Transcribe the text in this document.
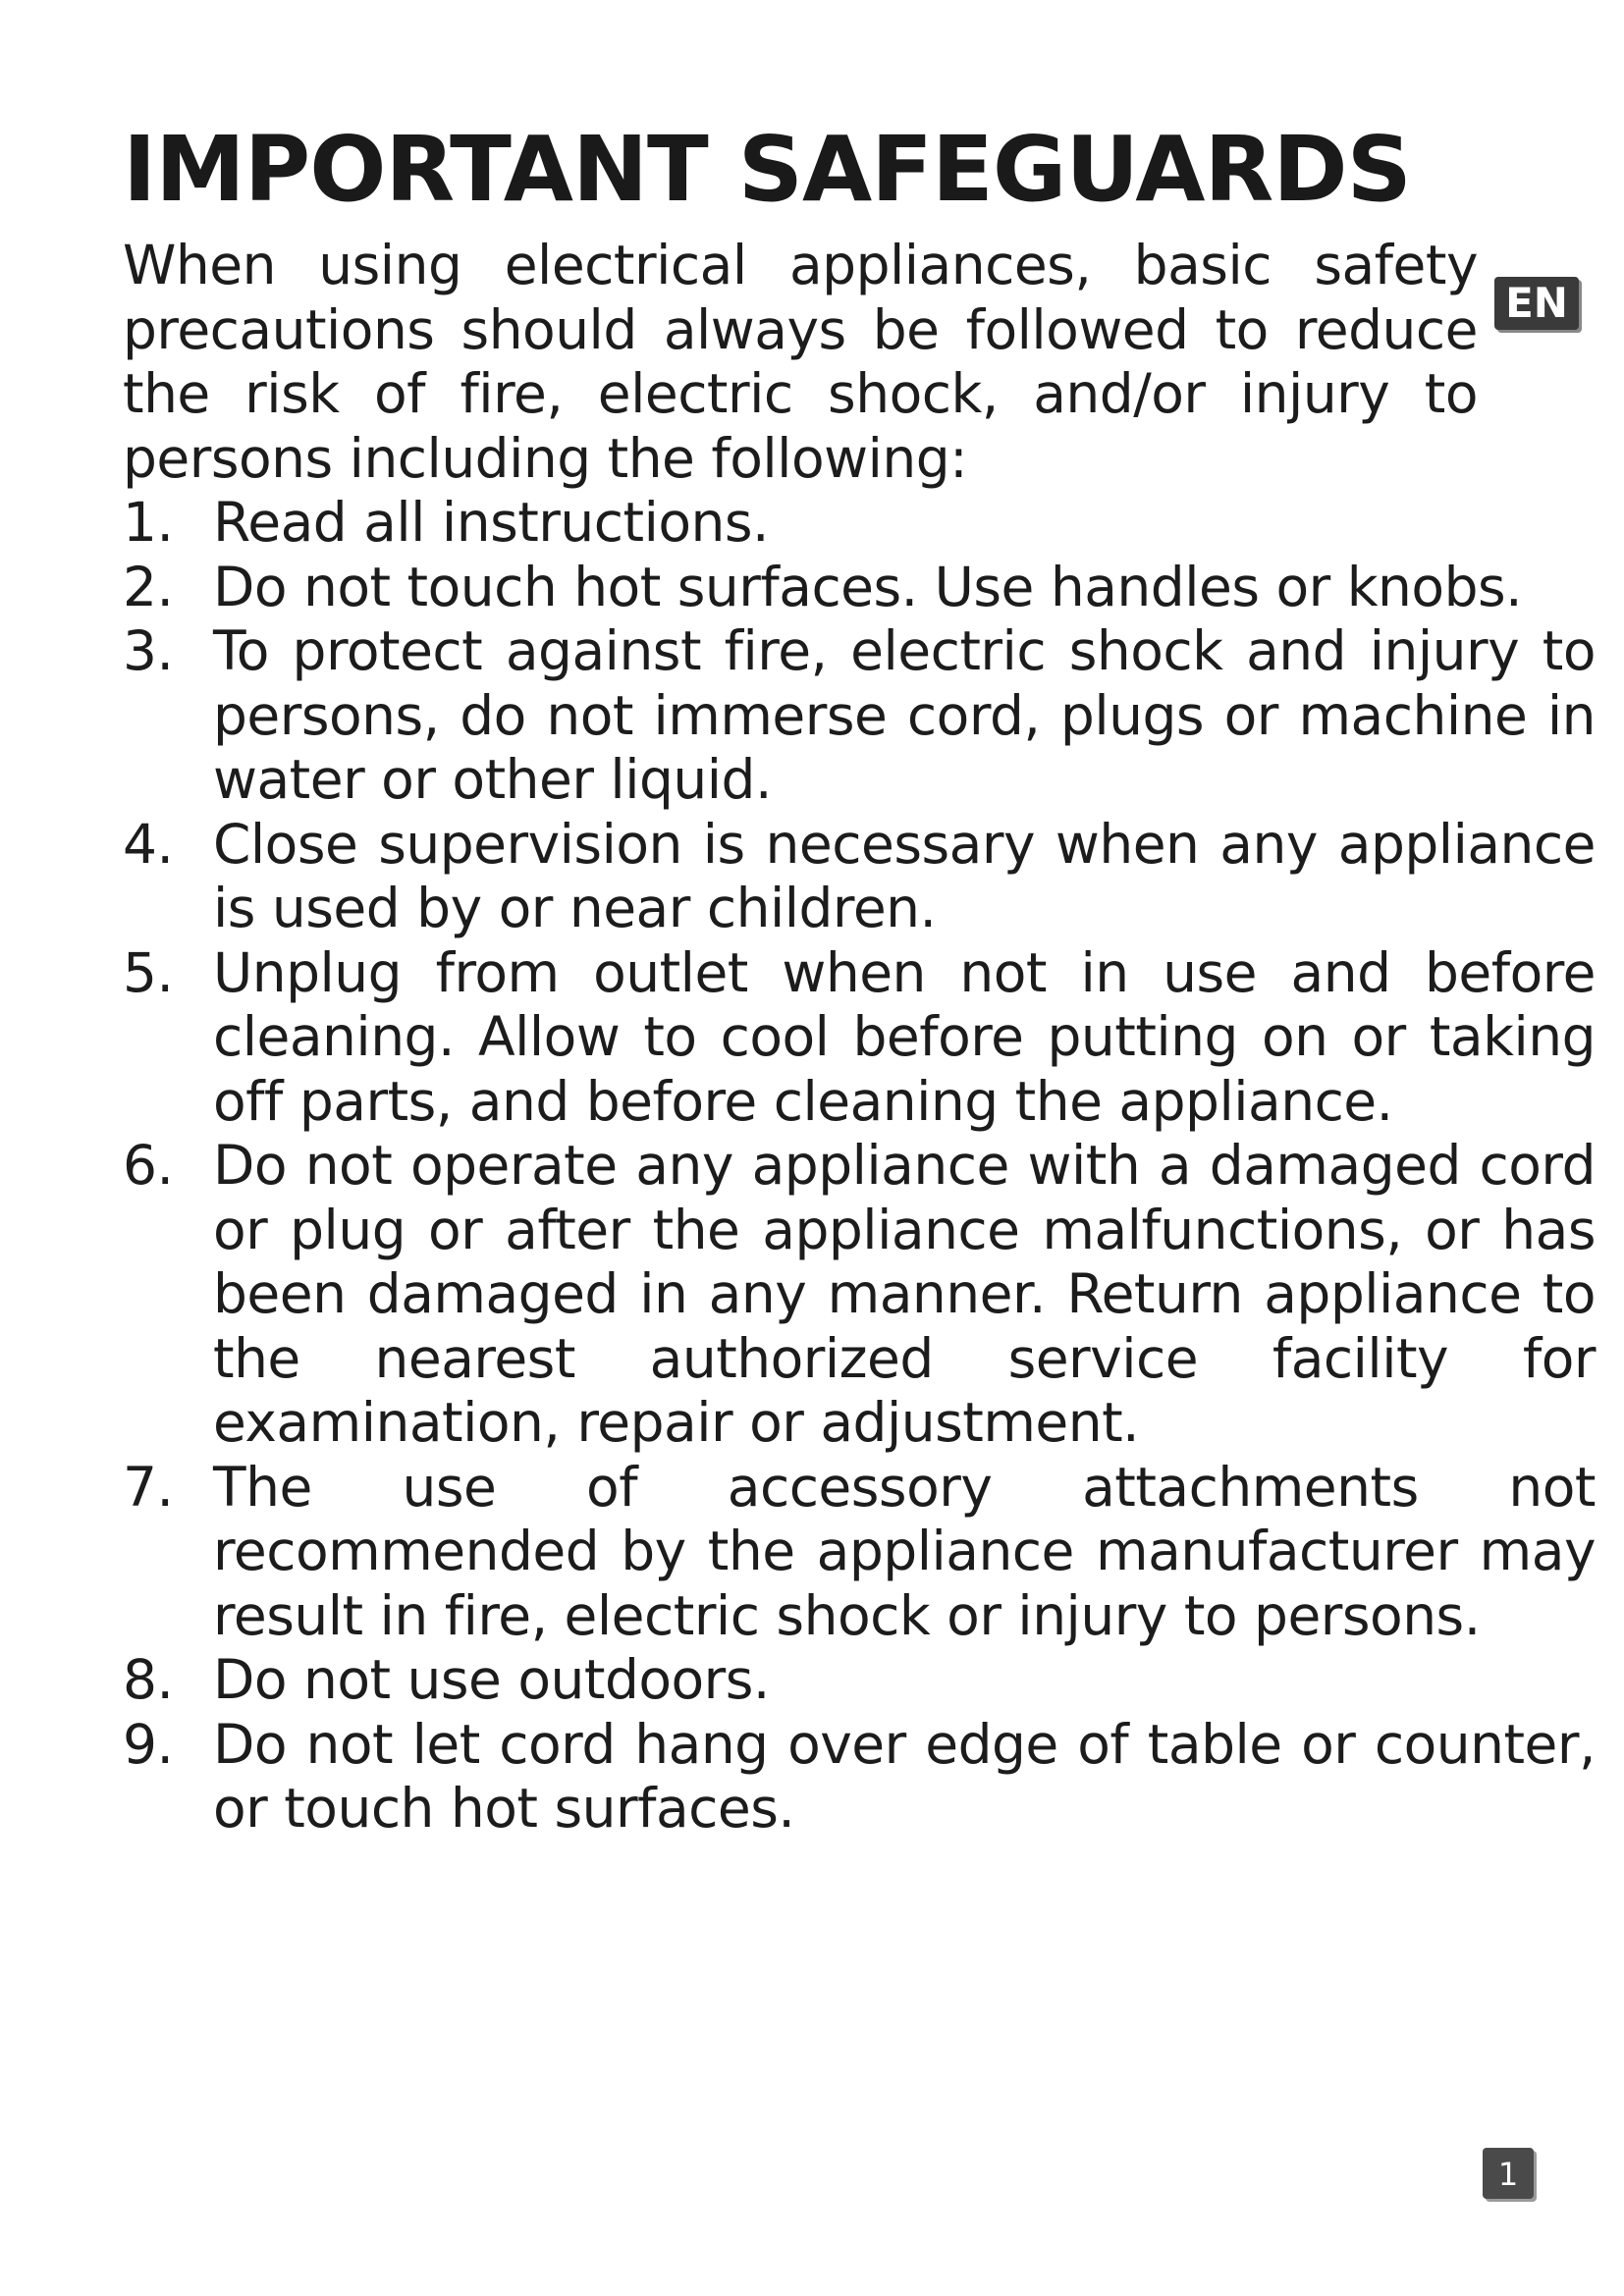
IMPORTANT SAFEGUARDS
EN

When using electrical appliances, basic safety precautions should always be followed to reduce the risk of fire, electric shock, and/or injury to persons including the following:

1. Read all instructions.
2. Do not touch hot surfaces. Use handles or knobs.
3. To protect against fire, electric shock and injury to persons, do not immerse cord, plugs or machine in water or other liquid.
4. Close supervision is necessary when any appliance is used by or near children.
5. Unplug from outlet when not in use and before cleaning. Allow to cool before putting on or taking off parts, and before cleaning the appliance.
6. Do not operate any appliance with a damaged cord or plug or after the appliance malfunctions, or has been damaged in any manner. Return appliance to the nearest authorized service facility for examination, repair or adjustment.
7. The use of accessory attachments not recommended by the appliance manufacturer may result in fire, electric shock or injury to persons.
8. Do not use outdoors.
9. Do not let cord hang over edge of table or counter, or touch hot surfaces.
1
